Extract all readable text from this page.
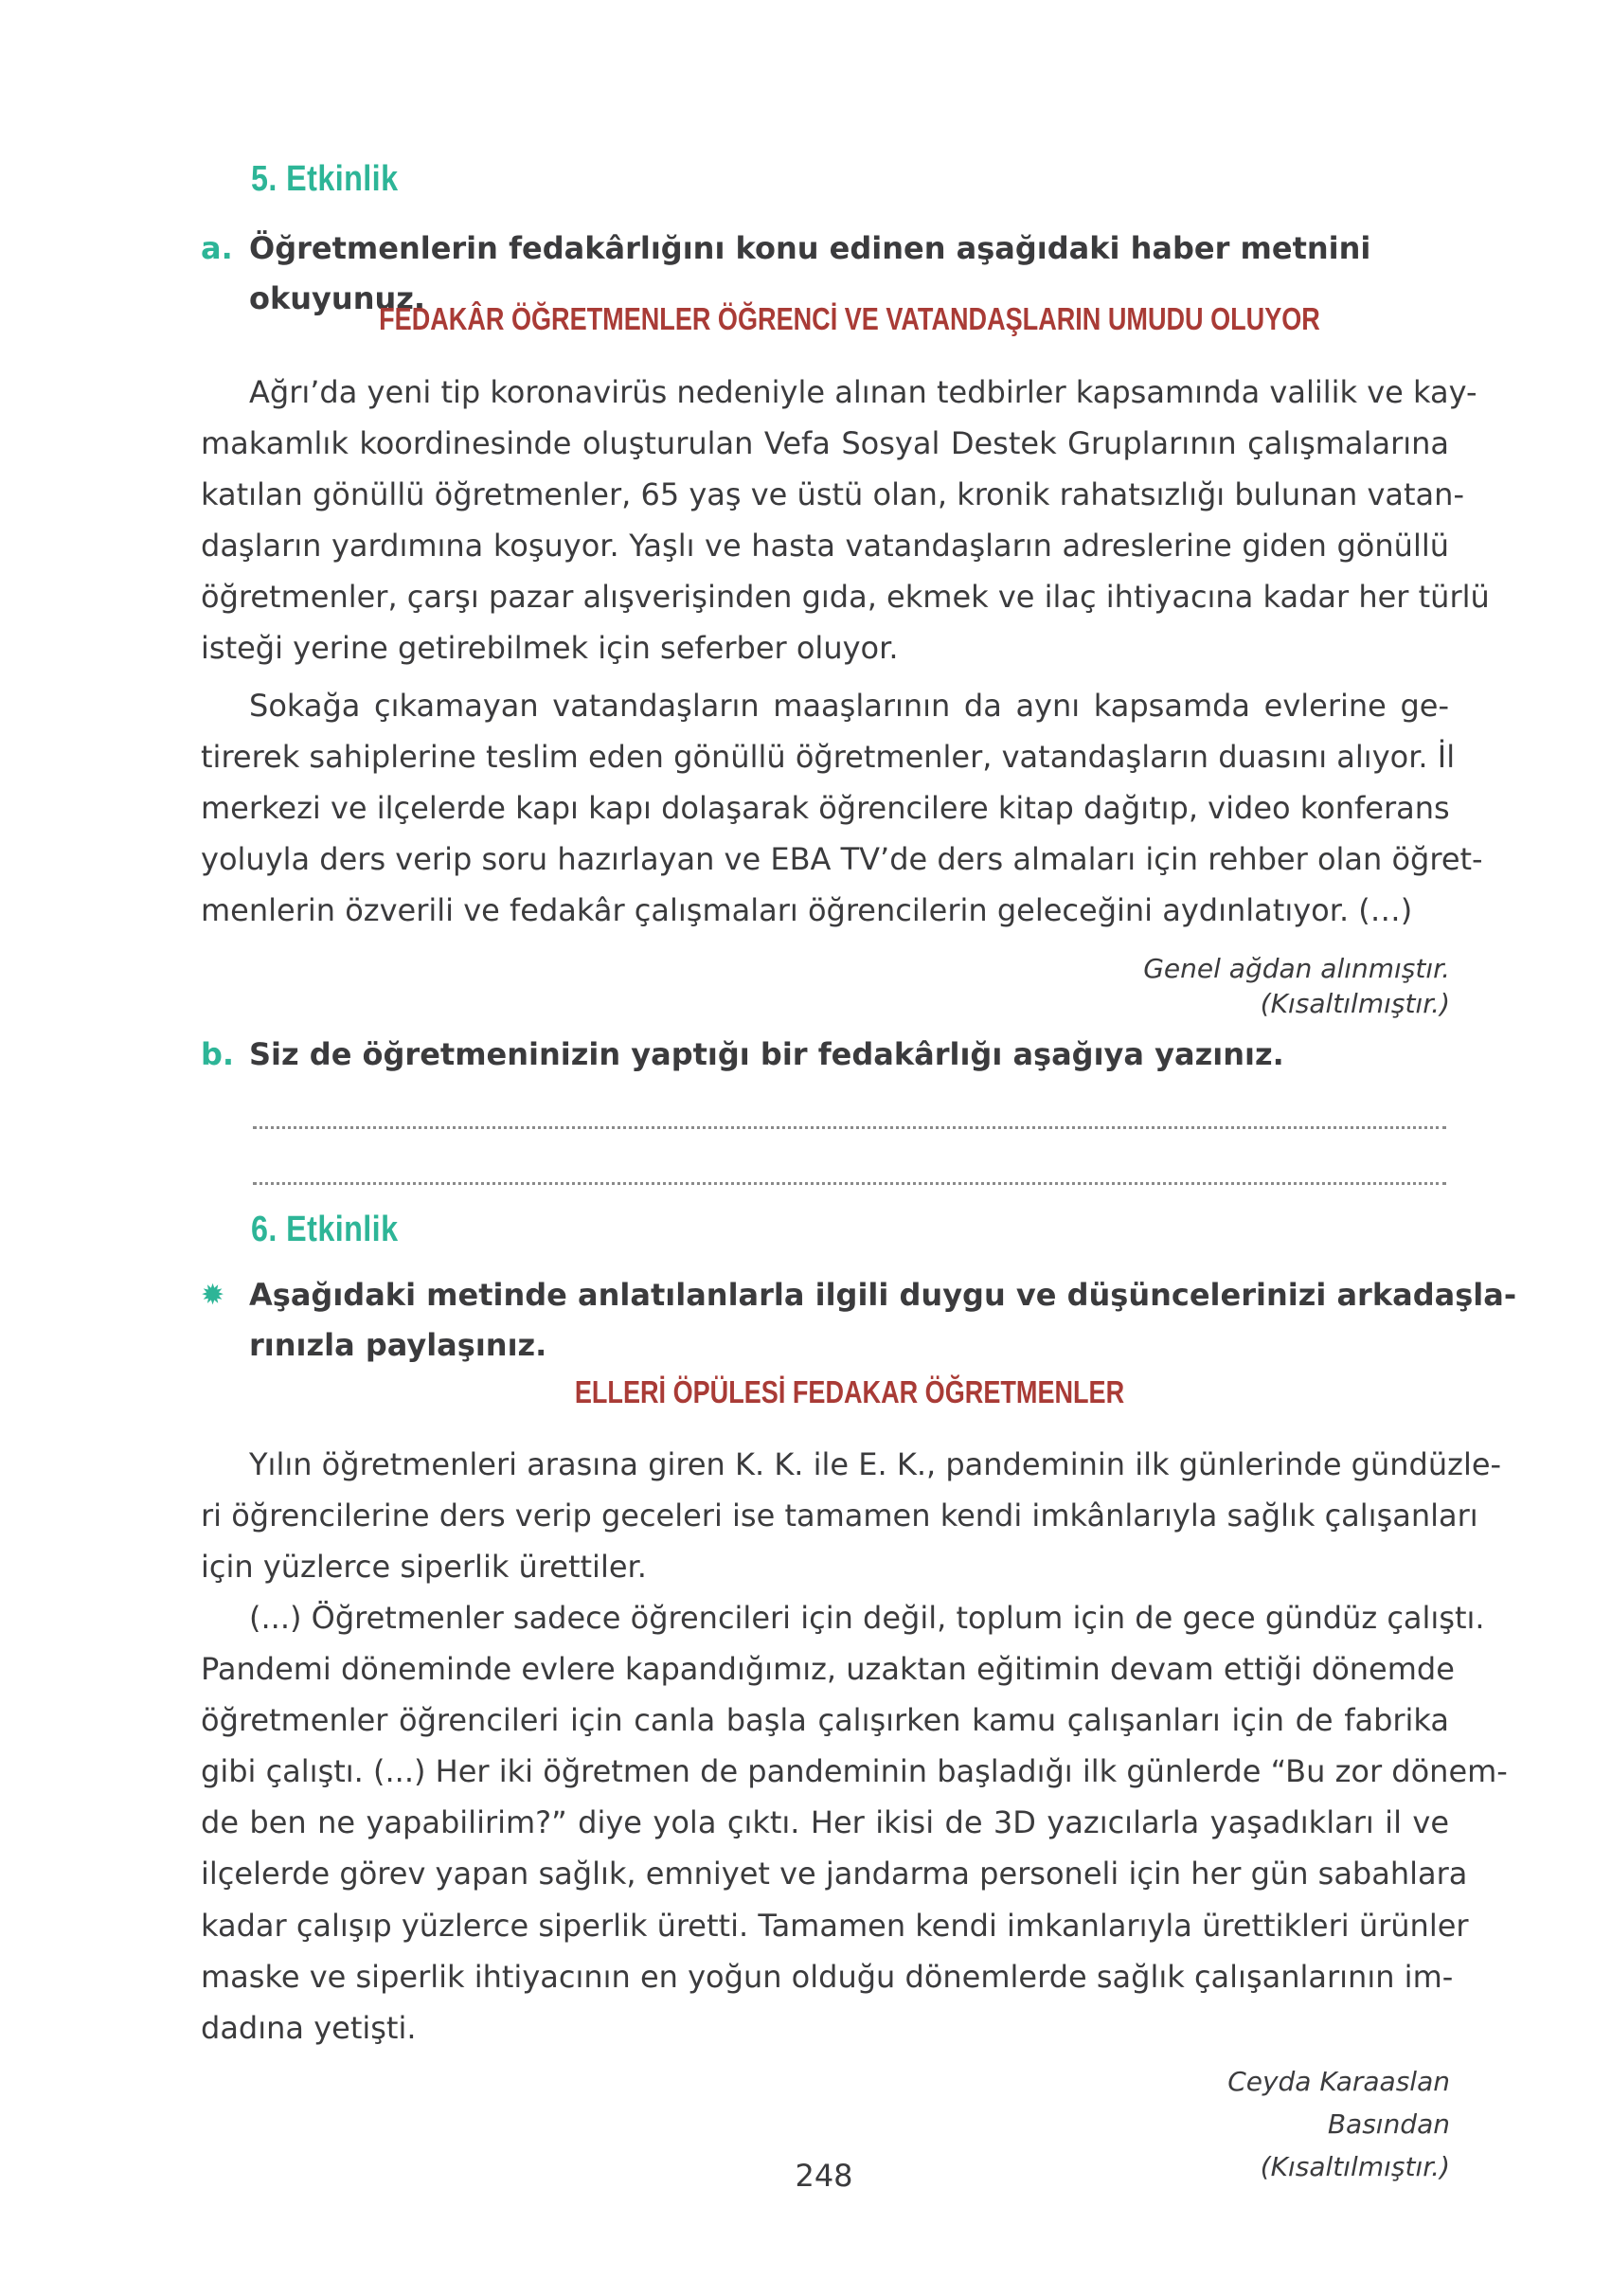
5. Etkinlik
a. Öğretmenlerin fedakârlığını konu edinen aşağıdaki haber metnini okuyunuz.
FEDAKÂR ÖĞRETMENLER ÖĞRENCİ VE VATANDAŞLARIN UMUDU OLUYOR
Ağrı’da yeni tip koronavirüs nedeniyle alınan tedbirler kapsamında valilik ve kay-
makamlık koordinesinde oluşturulan Vefa Sosyal Destek Gruplarının çalışmalarına
katılan gönüllü öğretmenler, 65 yaş ve üstü olan, kronik rahatsızlığı bulunan vatan-
daşların yardımına koşuyor. Yaşlı ve hasta vatandaşların adreslerine giden gönüllü
öğretmenler, çarşı pazar alışverişinden gıda, ekmek ve ilaç ihtiyacına kadar her türlü
isteği yerine getirebilmek için seferber oluyor.
Sokağa çıkamayan vatandaşların maaşlarının da aynı kapsamda evlerine ge-
tirerek sahiplerine teslim eden gönüllü öğretmenler, vatandaşların duasını alıyor. İl
merkezi ve ilçelerde kapı kapı dolaşarak öğrencilere kitap dağıtıp, video konferans
yoluyla ders verip soru hazırlayan ve EBA TV’de ders almaları için rehber olan öğret-
menlerin özverili ve fedakâr çalışmaları öğrencilerin geleceğini aydınlatıyor. (…)
Genel ağdan alınmıştır.
(Kısaltılmıştır.)
b. Siz de öğretmeninizin yaptığı bir fedakârlığı aşağıya yazınız.
6. Etkinlik
✹ Aşağıdaki metinde anlatılanlarla ilgili duygu ve düşüncelerinizi arkadaşla-
rınızla paylaşınız.
ELLERİ ÖPÜLESİ FEDAKAR ÖĞRETMENLER
Yılın öğretmenleri arasına giren K. K. ile E. K., pandeminin ilk günlerinde gündüzle-
ri öğrencilerine ders verip geceleri ise tamamen kendi imkânlarıyla sağlık çalışanları
için yüzlerce siperlik ürettiler.
(...) Öğretmenler sadece öğrencileri için değil, toplum için de gece gündüz çalıştı.
Pandemi döneminde evlere kapandığımız, uzaktan eğitimin devam ettiği dönemde
öğretmenler öğrencileri için canla başla çalışırken kamu çalışanları için de fabrika
gibi çalıştı. (...) Her iki öğretmen de pandeminin başladığı ilk günlerde “Bu zor dönem-
de ben ne yapabilirim?” diye yola çıktı. Her ikisi de 3D yazıcılarla yaşadıkları il ve
ilçelerde görev yapan sağlık, emniyet ve jandarma personeli için her gün sabahlara
kadar çalışıp yüzlerce siperlik üretti. Tamamen kendi imkanlarıyla ürettikleri ürünler
maske ve siperlik ihtiyacının en yoğun olduğu dönemlerde sağlık çalışanlarının im-
dadına yetişti.
Ceyda Karaaslan
Basından
(Kısaltılmıştır.)
248
